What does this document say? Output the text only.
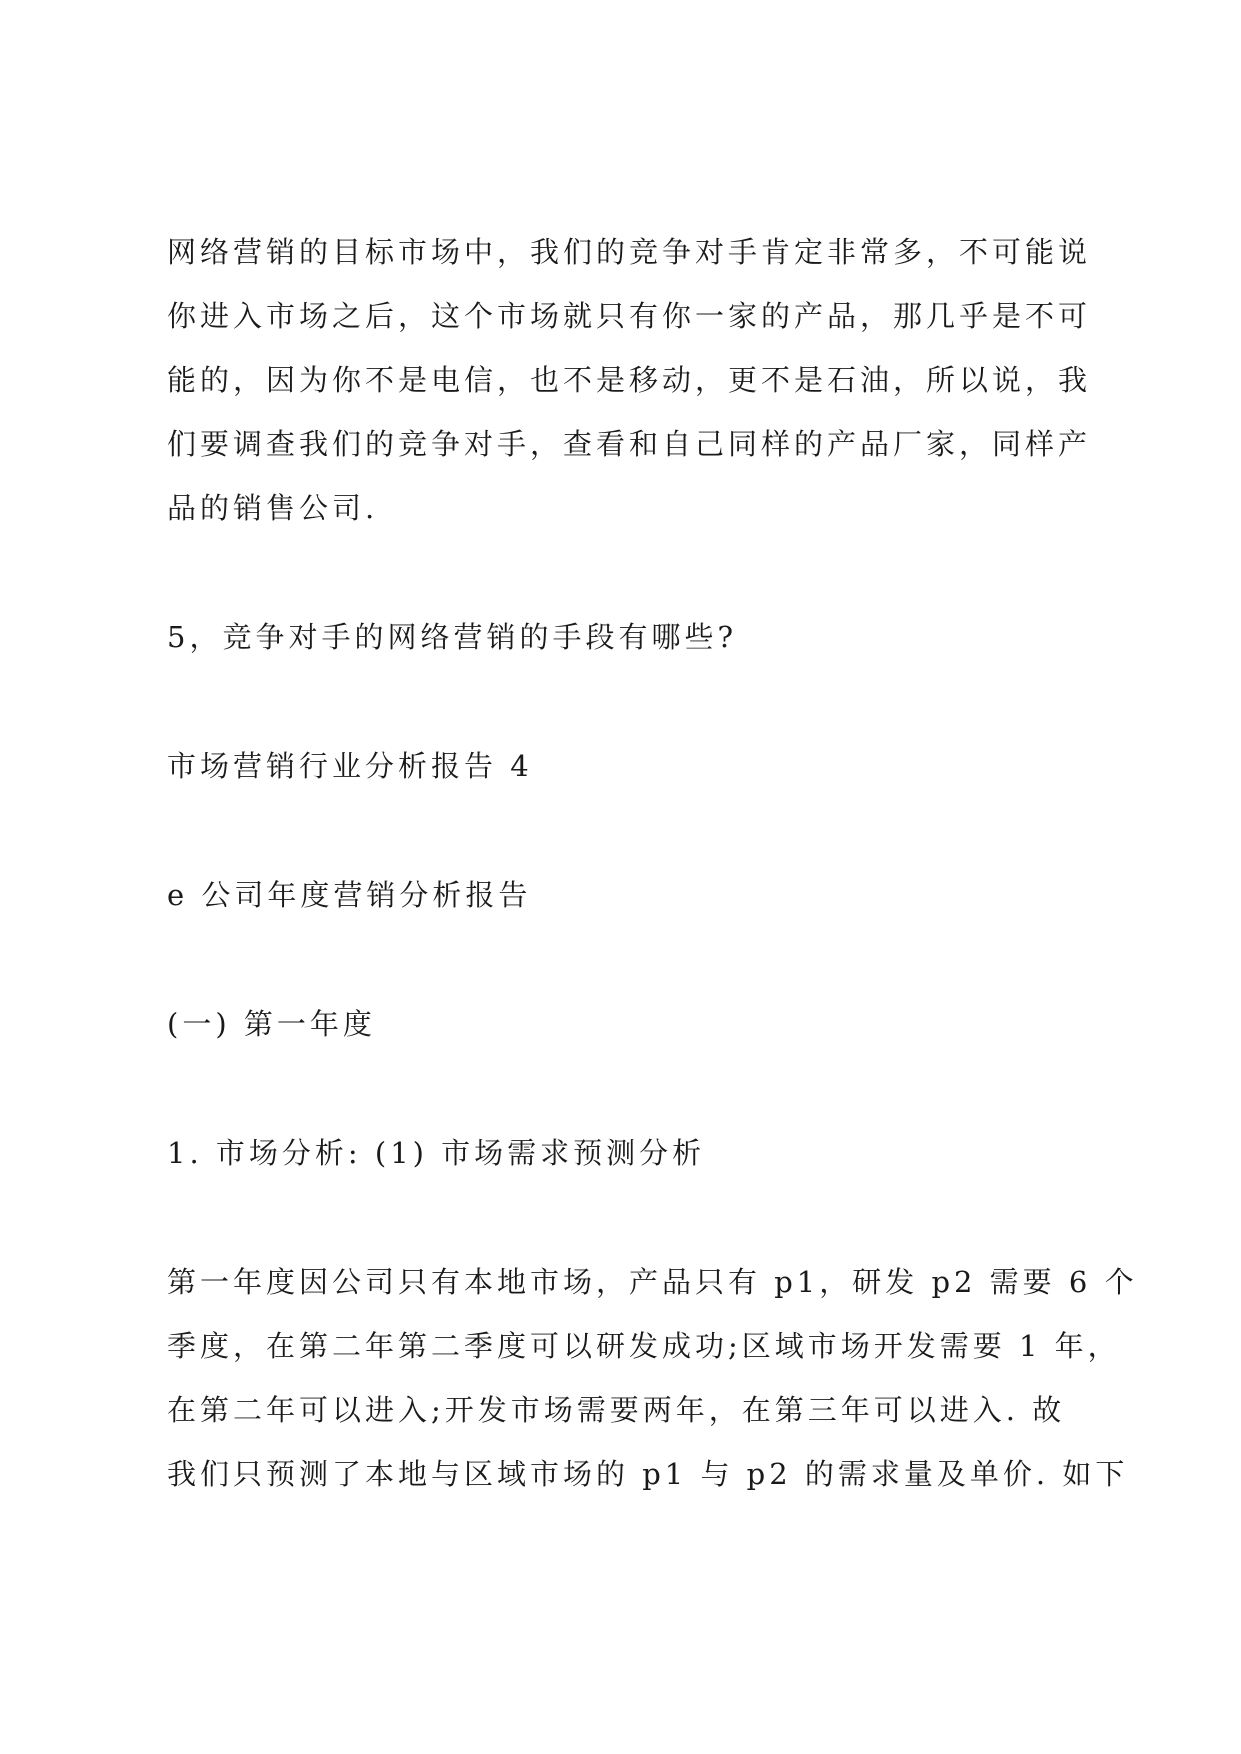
网络营销的目标市场中，我们的竞争对手肯定非常多，不可能说
你进入市场之后，这个市场就只有你一家的产品，那几乎是不可
能的，因为你不是电信，也不是移动，更不是石油，所以说，我
们要调查我们的竞争对手，查看和自己同样的产品厂家，同样产
品的销售公司.
5，竞争对手的网络营销的手段有哪些?
市场营销行业分析报告 4
e 公司年度营销分析报告
(一) 第一年度
1. 市场分析: (1) 市场需求预测分析
第一年度因公司只有本地市场，产品只有 p1，研发 p2 需要 6 个
季度，在第二年第二季度可以研发成功;区域市场开发需要 1 年，
在第二年可以进入;开发市场需要两年，在第三年可以进入. 故
我们只预测了本地与区域市场的 p1 与 p2 的需求量及单价. 如下
